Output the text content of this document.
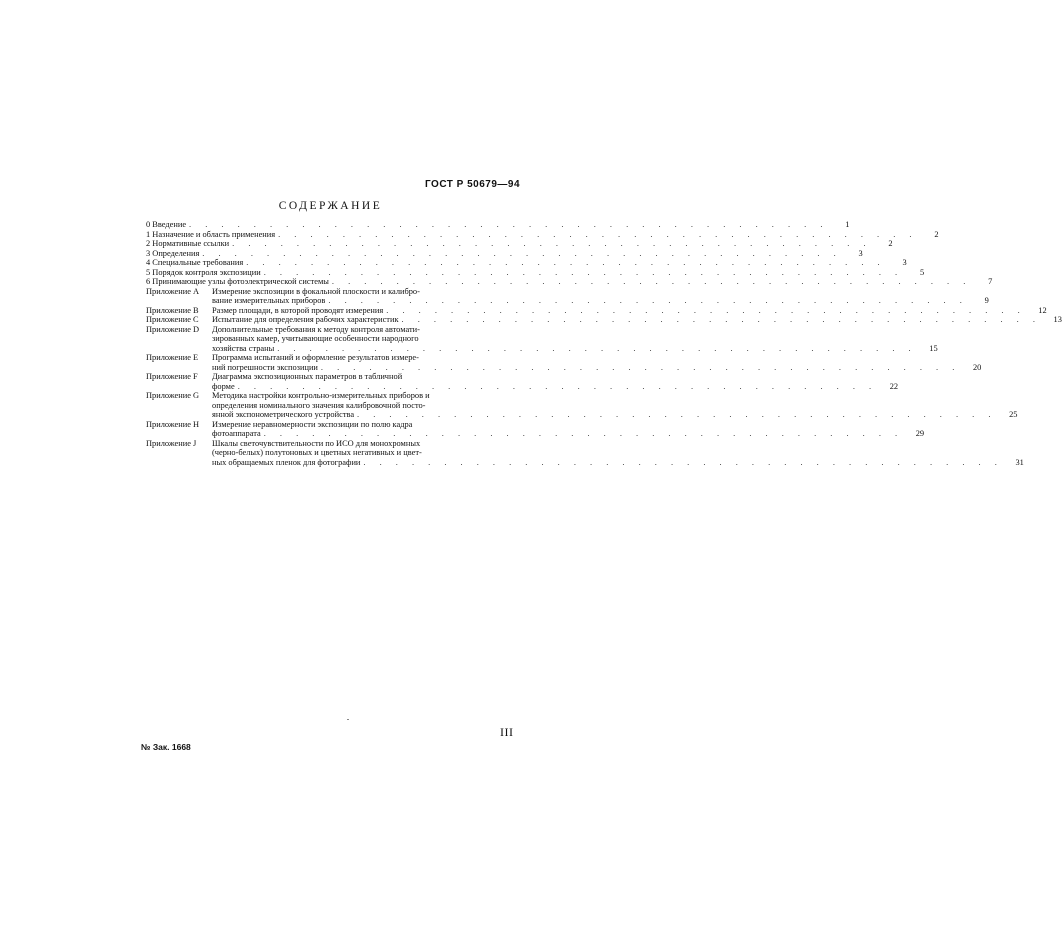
ГОСТ Р 50679—94
СОДЕРЖАНИЕ
0 Введение . . . . . . . . . . . . . . . . . . . . . . . . . . . . . . . . . . . . . . . .	1
1 Назначение и область применения . . . . . . . . . . . . . . . . . . . . . . . . . . . . . . . . . . . . . . . .	2
2 Нормативные ссылки . . . . . . . . . . . . . . . . . . . . . . . . . . . . . . . . . . . . . . . .	2
3 Определения . . . . . . . . . . . . . . . . . . . . . . . . . . . . . . . . . . . . . . . .	3
4 Специальные требования . . . . . . . . . . . . . . . . . . . . . . . . . . . . . . . . . . . . . . . .	3
5 Порядок контроля экспозиции . . . . . . . . . . . . . . . . . . . . . . . . . . . . . . . . . . . . . . . .	5
6 Принимающие узлы фотоэлектрической системы . . . . . . . . . . . . . . . . . . . . . . . . . . . . . . . . . . . . . . . .	7
Приложение A	Измерение экспозиции в фокальной плоскости и калибро-
вание измерительных приборов . . . . . . . . . . . . . . . . . . . . . . . . . . . . . . . . . . . . . . . .	9
Приложение B	Размер площади, в которой проводят измерения . . . . . . . . . . . . . . . . . . . . . . . . . . . . . . . . . . . . . . . .	12
Приложение C	Испытание для определения рабочих характеристик . . . . . . . . . . . . . . . . . . . . . . . . . . . . . . . . . . . . . . . .	13
Приложение D	Дополнительные требования к методу контроля автомати-
зированных камер, учитывающие особенности народного
хозяйства страны . . . . . . . . . . . . . . . . . . . . . . . . . . . . . . . . . . . . . . . .	15
Приложение E	Программа испытаний и оформление результатов измере-
ний погрешности экспозиции . . . . . . . . . . . . . . . . . . . . . . . . . . . . . . . . . . . . . . . .	20
Приложение F	Диаграмма экспозиционных параметров в табличной
форме . . . . . . . . . . . . . . . . . . . . . . . . . . . . . . . . . . . . . . . .	22
Приложение G	Методика настройки контрольно-измерительных приборов и
определения номинального значения калибровочной посто-
янной экспонометрического устройства . . . . . . . . . . . . . . . . . . . . . . . . . . . . . . . . . . . . . . . .	25
Приложение H	Измерение неравномерности экспозиции по полю кадра
фотоаппарата . . . . . . . . . . . . . . . . . . . . . . . . . . . . . . . . . . . . . . . .	29
Приложение J	Шкалы светочувствительности по ИСО для монохромных
(черно-белых) полутоновых и цветных негативных и цвет-
ных обращаемых пленок для фотографии . . . . . . . . . . . . . . . . . . . . . . . . . . . . . . . . . . . . . . . .	31
III
№ Зак. 1668
